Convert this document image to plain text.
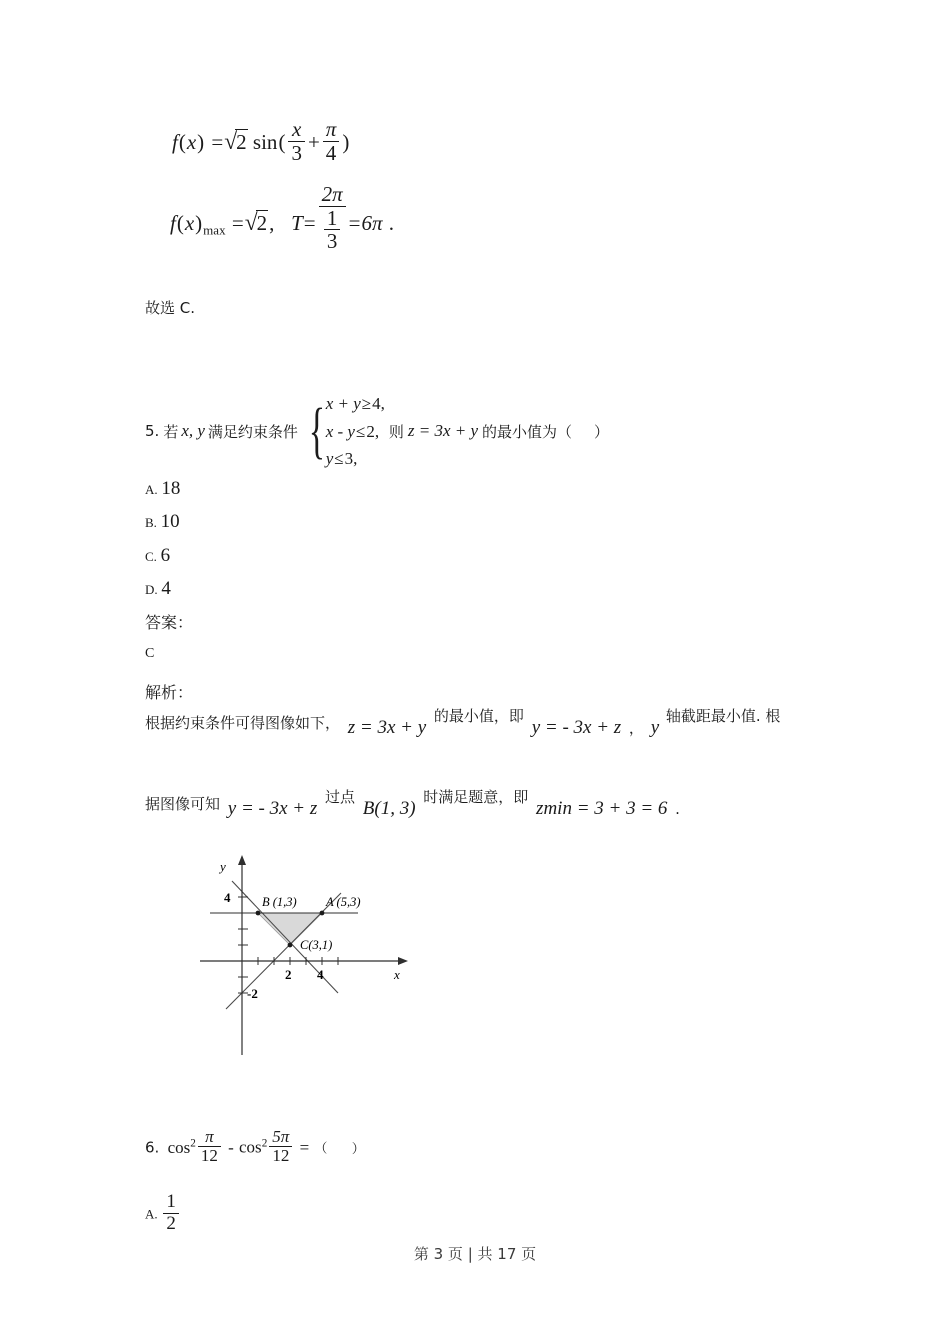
f(x) =√2 $\sin( \frac{x}{3} + \frac{\pi}{4}$ )
$f(x)_{max} =√2$, $T= \frac{2\pi}{\frac{1}{3}} =6\pi$ .
故选 C.
5. 若 x, y 满足约束条件 { x + y≥4,
x - y≤2,
y≤3,
则 z = 3x + y 的最小值为（ ）
A. 18
B. 10
C. 6
D. 4
答案：
C
解析：
根据约束条件可得图像如下， z = 3x + y 的最小值，即 y = - 3x + z ， y 轴截距最小值. 根
据图像可知 y = - 3x + z 过点 B(1, 3) 时满足题意，即 zmin = 3 + 3 = 6 .
y
x
2 4
4
-2
B (1,3) A (5,3)
C(3,1)
6. $\cos^2 \frac{\pi}{12} - \cos^2 \frac{5\pi}{12}$ = （ ）
A. $\frac{1}{2}$
第 3 页 | 共 17 页
